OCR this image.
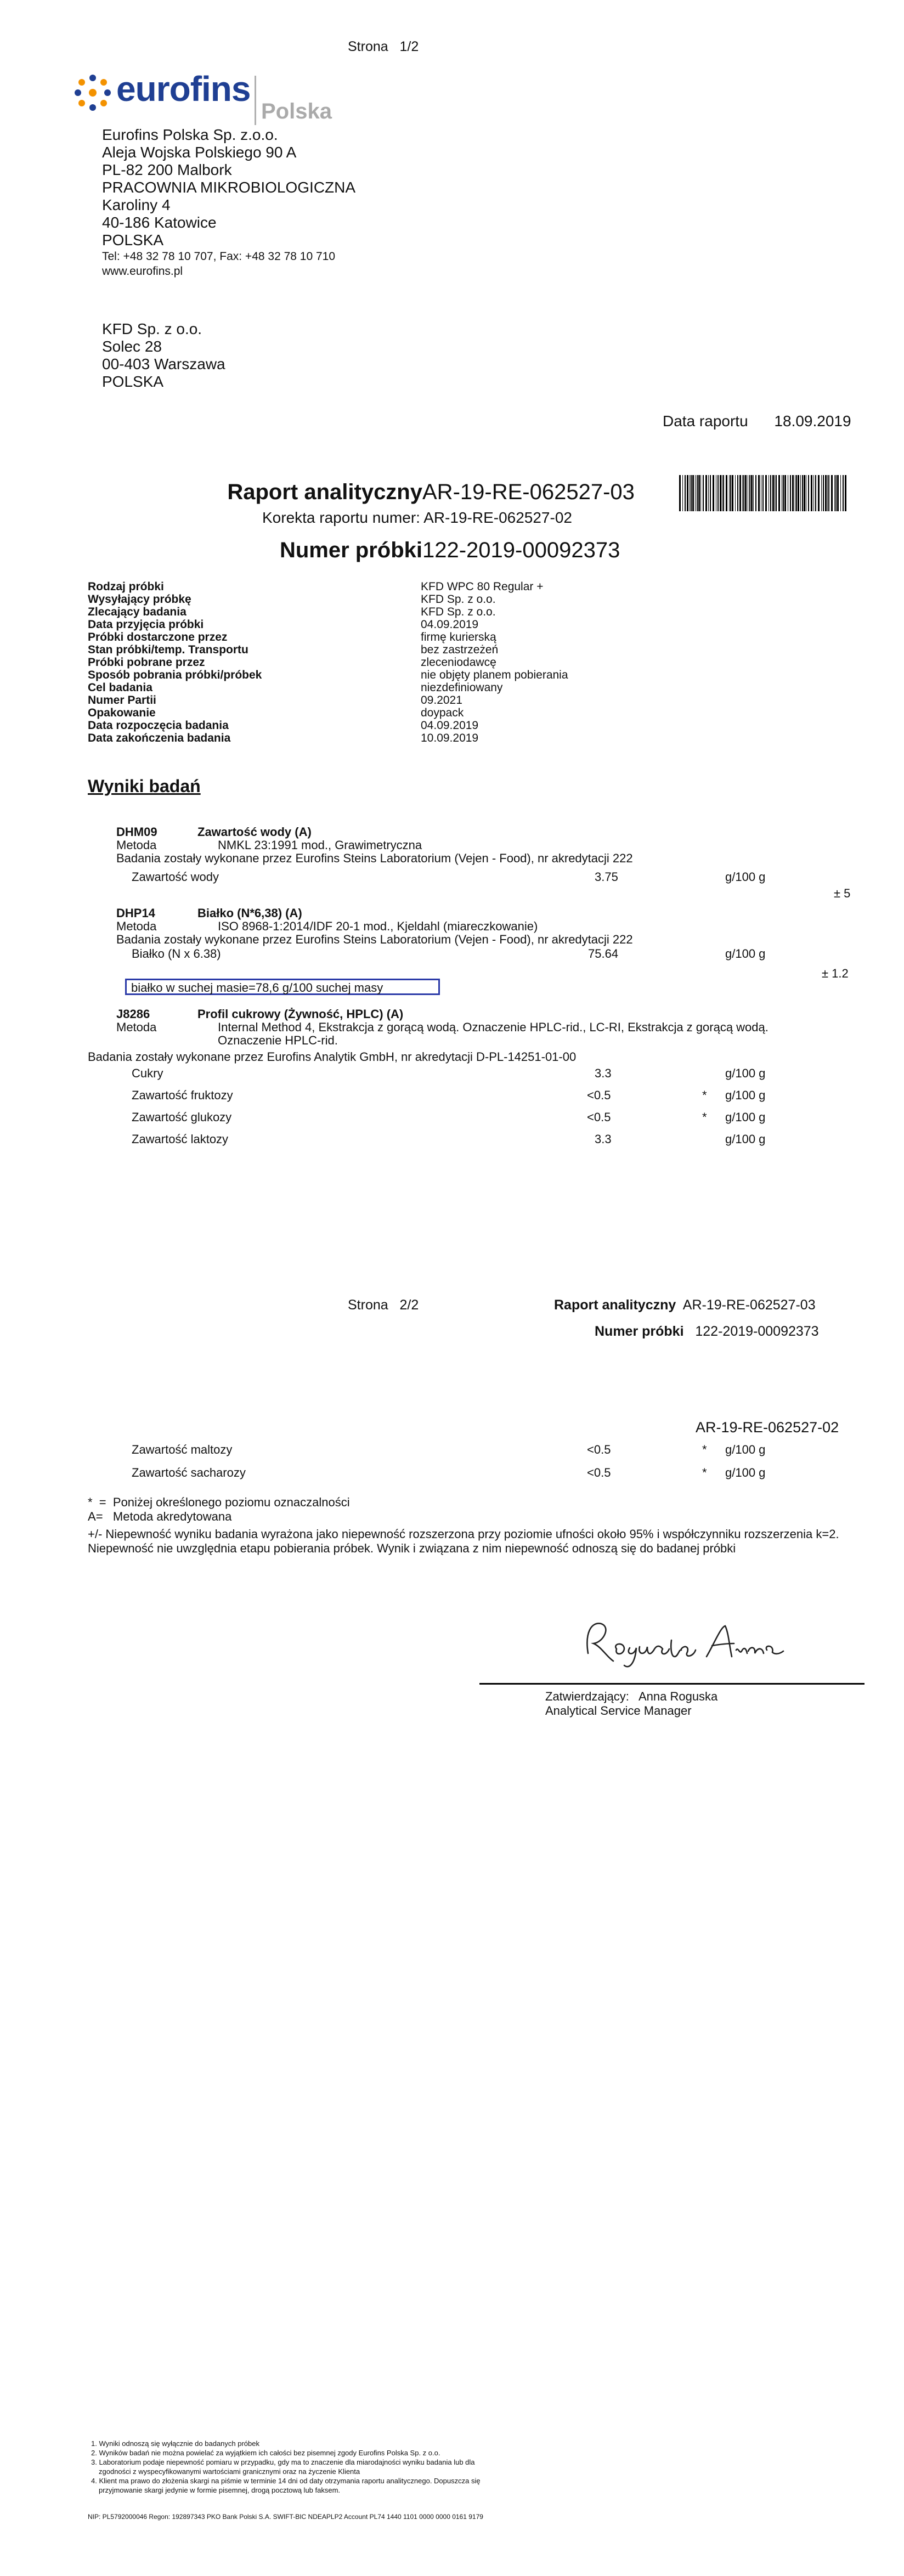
Strona 1/2
eurofins
Polska
Eurofins Polska Sp. z.o.o.
Aleja Wojska Polskiego 90 A
PL-82 200 Malbork
PRACOWNIA MIKROBIOLOGICZNA
Karoliny 4
40-186 Katowice
POLSKA
Tel: +48 32 78 10 707, Fax: +48 32 78 10 710
www.eurofins.pl
KFD Sp. z o.o.
Solec 28
00-403 Warszawa
POLSKA
Data raportu 18.09.2019
Raport analityczny AR-19-RE-062527-03
Korekta raportu numer: AR-19-RE-062527-02
Numer próbki 122-2019-00092373
Rodzaj próbki	KFD WPC 80 Regular +
Wysyłający próbkę	KFD Sp. z o.o.
Zlecający badania	KFD Sp. z o.o.
Data przyjęcia próbki	04.09.2019
Próbki dostarczone przez	firmę kurierską
Stan próbki/temp. Transportu	bez zastrzeżeń
Próbki pobrane przez	zleceniodawcę
Sposób pobrania próbki/próbek	nie objęty planem pobierania
Cel badania	niezdefiniowany
Numer Partii	09.2021
Opakowanie	doypack
Data rozpoczęcia badania	04.09.2019
Data zakończenia badania	10.09.2019
Wyniki badań
DHM09	Zawartość wody (A)
Metoda	NMKL 23:1991 mod., Grawimetryczna
Badania zostały wykonane przez Eurofins Steins Laboratorium (Vejen - Food), nr akredytacji 222
Zawartość wody	3.75	g/100 g
± 5
DHP14	Białko (N*6,38) (A)
Metoda	ISO 8968-1:2014/IDF 20-1 mod., Kjeldahl (miareczkowanie)
Badania zostały wykonane przez Eurofins Steins Laboratorium (Vejen - Food), nr akredytacji 222
Białko (N x 6.38)	75.64	g/100 g
± 1.2
białko w suchej masie=78,6 g/100 suchej masy
J8286	Profil cukrowy (Żywność, HPLC) (A)
Metoda	Internal Method 4, Ekstrakcja z gorącą wodą. Oznaczenie HPLC-rid., LC-RI, Ekstrakcja z gorącą wodą.
Oznaczenie HPLC-rid.
Badania zostały wykonane przez Eurofins Analytik GmbH, nr akredytacji D-PL-14251-01-00
Cukry	3.3	g/100 g
Zawartość fruktozy	<0.5	* g/100 g
Zawartość glukozy	<0.5	* g/100 g
Zawartość laktozy	3.3	g/100 g
Strona 2/2	Raport analityczny AR-19-RE-062527-03
Numer próbki 122-2019-00092373
AR-19-RE-062527-02
Zawartość maltozy	<0.5	* g/100 g
Zawartość sacharozy	<0.5	* g/100 g
* = Poniżej określonego poziomu oznaczalności
A= Metoda akredytowana
+/- Niepewność wyniku badania wyrażona jako niepewność rozszerzona przy poziomie ufności około 95% i współczynniku rozszerzenia k=2.
Niepewność nie uwzględnia etapu pobierania próbek. Wynik i związana z nim niepewność odnoszą się do badanej próbki
Zatwierdzający: Anna Roguska
Analytical Service Manager
1. Wyniki odnoszą się wyłącznie do badanych próbek
2. Wyników badań nie można powielać za wyjątkiem ich całości bez pisemnej zgody Eurofins Polska Sp. z o.o.
3. Laboratorium podaje niepewność pomiaru w przypadku, gdy ma to znaczenie dla miarodajności wyniku badania lub dla
zgodności z wyspecyfikowanymi wartościami granicznymi oraz na życzenie Klienta
4. Klient ma prawo do złożenia skargi na piśmie w terminie 14 dni od daty otrzymania raportu analitycznego. Dopuszcza się
przyjmowanie skargi jedynie w formie pisemnej, drogą pocztową lub faksem.
NIP: PL5792000046 Regon: 192897343 PKO Bank Polski S.A. SWIFT-BIC NDEAPLP2 Account PL74 1440 1101 0000 0000 0161 9179
